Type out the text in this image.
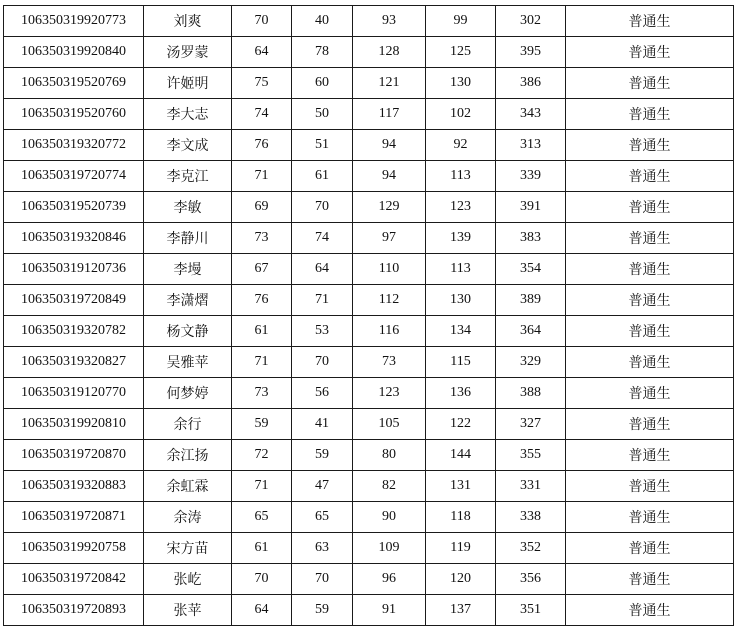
106350319920773	刘爽	70	40	93	99	302	普通生
106350319920840	汤罗蒙	64	78	128	125	395	普通生
106350319520769	许姬明	75	60	121	130	386	普通生
106350319520760	李大志	74	50	117	102	343	普通生
106350319320772	李文成	76	51	94	92	313	普通生
106350319720774	李克江	71	61	94	113	339	普通生
106350319520739	李敏	69	70	129	123	391	普通生
106350319320846	李静川	73	74	97	139	383	普通生
106350319120736	李墁	67	64	110	113	354	普通生
106350319720849	李潇熠	76	71	112	130	389	普通生
106350319320782	杨文静	61	53	116	134	364	普通生
106350319320827	吴雅苹	71	70	73	115	329	普通生
106350319120770	何梦婷	73	56	123	136	388	普通生
106350319920810	余行	59	41	105	122	327	普通生
106350319720870	余江扬	72	59	80	144	355	普通生
106350319320883	余虹霖	71	47	82	131	331	普通生
106350319720871	余涛	65	65	90	118	338	普通生
106350319920758	宋方苗	61	63	109	119	352	普通生
106350319720842	张屹	70	70	96	120	356	普通生
106350319720893	张苹	64	59	91	137	351	普通生
